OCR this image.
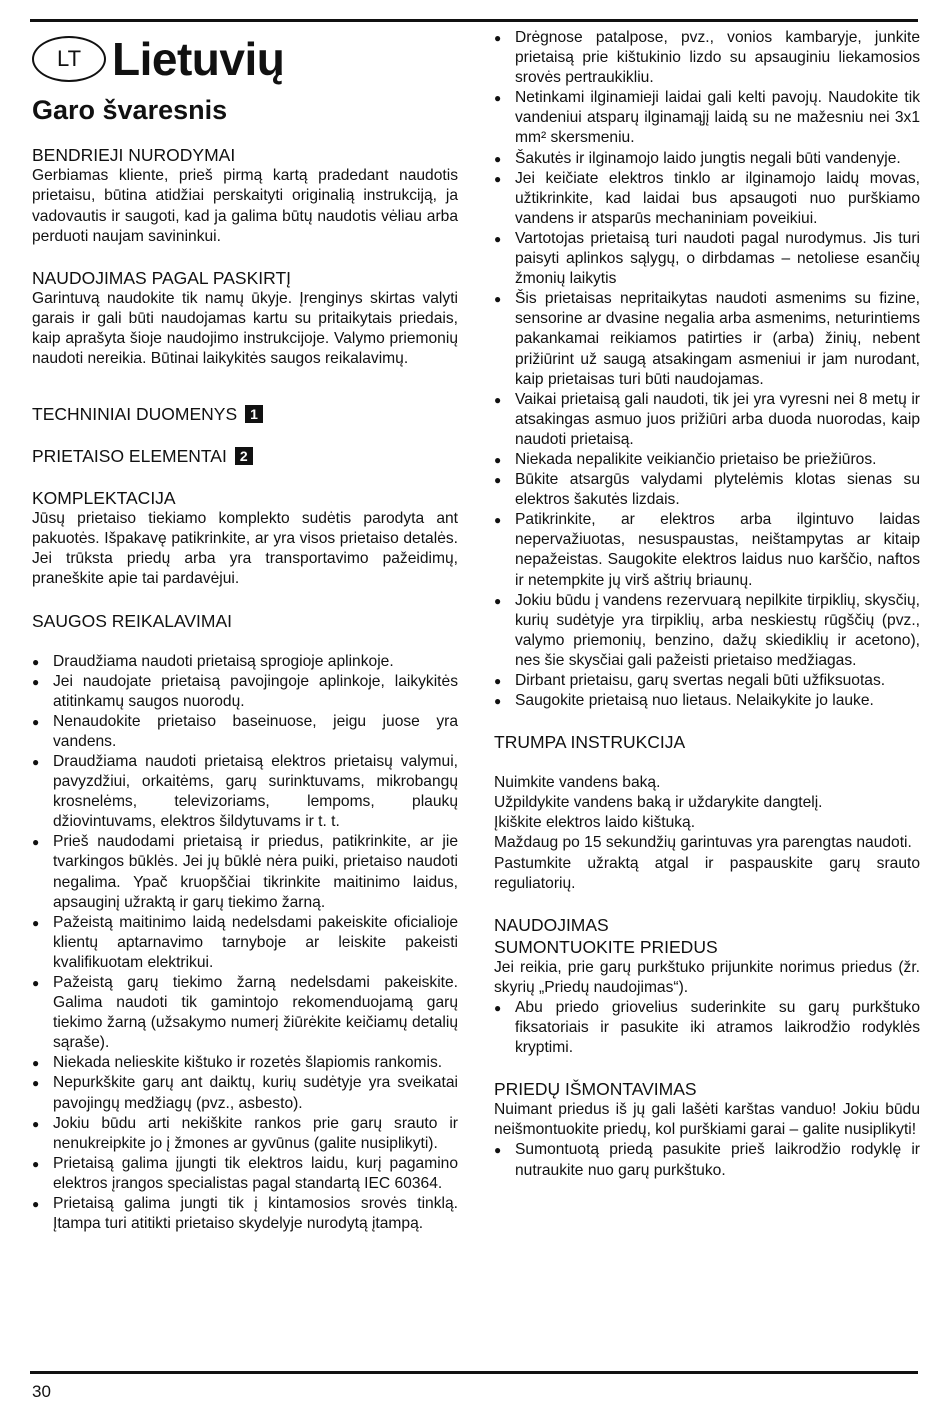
LT Lietuvių
Garo švaresnis
BENDRIEJI NURODYMAI

Gerbiamas kliente, prieš pirmą kartą pradedant naudotis prietaisu, būtina atidžiai perskaityti originalią instrukciją, ja vadovautis ir saugoti, kad ja galima būtų naudotis vėliau arba perduoti naujam savininkui.

NAUDOJIMAS PAGAL PASKIRTĮ

Garintuvą naudokite tik namų ūkyje. Įrenginys skirtas valyti garais ir gali būti naudojamas kartu su pritaikytais priedais, kaip aprašyta šioje naudojimo instrukcijoje. Valymo priemonių naudoti nereikia. Būtinai laikykitės saugos reikalavimų.

TECHNINIAI DUOMENYS 1
PRIETAISO ELEMENTAI 2
KOMPLEKTACIJA

Jūsų prietaiso tiekiamo komplekto sudėtis parodyta ant pakuotės. Išpakavę patikrinkite, ar yra visos prietaiso detalės. Jei trūksta priedų arba yra transportavimo pažeidimų, praneškite apie tai pardavėjui.

SAUGOS REIKALAVIMAI
● Draudžiama naudoti prietaisą sprogioje aplinkoje.
● Jei naudojate prietaisą pavojingoje aplinkoje, laikykitės atitinkamų saugos nuorodų.
● Nenaudokite prietaiso baseinuose, jeigu juose yra vandens.
● Draudžiama naudoti prietaisą elektros prietaisų valymui, pavyzdžiui, orkaitėms, garų surinktuvams, mikrobangų krosnelėms, televizoriams, lempoms, plaukų džiovintuvams, elektros šildytuvams ir t. t.
● Prieš naudodami prietaisą ir priedus, patikrinkite, ar jie tvarkingos būklės. Jei jų būklė nėra puiki, prietaiso naudoti negalima. Ypač kruopščiai tikrinkite maitinimo laidus, apsauginį užraktą ir garų tiekimo žarną.
● Pažeistą maitinimo laidą nedelsdami pakeiskite oficialioje klientų aptarnavimo tarnyboje ar leiskite pakeisti kvalifikuotam elektrikui.
● Pažeistą garų tiekimo žarną nedelsdami pakeiskite. Galima naudoti tik gamintojo rekomenduojamą garų tiekimo žarną (užsakymo numerį žiūrėkite keičiamų detalių sąraše).
● Niekada nelieskite kištuko ir rozetės šlapiomis rankomis.
● Nepurkškite garų ant daiktų, kurių sudėtyje yra sveikatai pavojingų medžiagų (pvz., asbesto).
● Jokiu būdu arti nekiškite rankos prie garų srauto ir nenukreipkite jo į žmones ar gyvūnus (galite nusiplikyti).
● Prietaisą galima įjungti tik elektros laidu, kurį pagamino elektros įrangos specialistas pagal standartą IEC 60364.
● Prietaisą galima jungti tik į kintamosios srovės tinklą. Įtampa turi atitikti prietaiso skydelyje nurodytą įtampą.
● Drėgnose patalpose, pvz., vonios kambaryje, junkite prietaisą prie kištukinio lizdo su apsauginiu liekamosios srovės pertraukikliu.
● Netinkami ilginamieji laidai gali kelti pavojų. Naudokite tik vandeniui atsparų ilginamąjį laidą su ne mažesniu nei 3x1 mm² skersmeniu.
● Šakutės ir ilginamojo laido jungtis negali būti vandenyje.
● Jei keičiate elektros tinklo ar ilginamojo laidų movas, užtikrinkite, kad laidai bus apsaugoti nuo purškiamo vandens ir atsparūs mechaniniam poveikiui.
● Vartotojas prietaisą turi naudoti pagal nurodymus. Jis turi paisyti aplinkos sąlygų, o dirbdamas – netoliese esančių žmonių laikytis
● Šis prietaisas nepritaikytas naudoti asmenims su fizine, sensorine ar dvasine negalia arba asmenims, neturintiems pakankamai reikiamos patirties ir (arba) žinių, nebent prižiūrint už saugą atsakingam asmeniui ir jam nurodant, kaip prietaisas turi būti naudojamas.
● Vaikai prietaisą gali naudoti, tik jei yra vyresni nei 8 metų ir atsakingas asmuo juos prižiūri arba duoda nuorodas, kaip naudoti prietaisą.
● Niekada nepalikite veikiančio prietaiso be priežiūros.
● Būkite atsargūs valydami plytelėmis klotas sienas su elektros šakutės lizdais.
● Patikrinkite, ar elektros arba ilgintuvo laidas nepervažiuotas, nesuspaustas, neištampytas ar kitaip nepažeistas. Saugokite elektros laidus nuo karščio, naftos ir netempkite jų virš aštrių briaunų.
● Jokiu būdu į vandens rezervuarą nepilkite tirpiklių, skysčių, kurių sudėtyje yra tirpiklių, arba neskiestų rūgščių (pvz., valymo priemonių, benzino, dažų skiediklių ir acetono), nes šie skysčiai gali pažeisti prietaiso medžiagas.
● Dirbant prietaisu, garų svertas negali būti užfiksuotas.
● Saugokite prietaisą nuo lietaus. Nelaikykite jo lauke.
TRUMPA INSTRUKCIJA

Nuimkite vandens baką.

Užpildykite vandens baką ir uždarykite dangtelį.

Įkiškite elektros laido kištuką.

Maždaug po 15 sekundžių garintuvas yra parengtas naudoti.

Pastumkite užraktą atgal ir paspauskite garų srauto reguliatorių.

NAUDOJIMAS
SUMONTUOKITE PRIEDUS

Jei reikia, prie garų purkštuko prijunkite norimus priedus (žr. skyrių „Priedų naudojimas“).

● Abu priedo griovelius suderinkite su garų purkštuko fiksatoriais ir pasukite iki atramos laikrodžio rodyklės kryptimi.
PRIEDŲ IŠMONTAVIMAS

Nuimant priedus iš jų gali lašėti karštas vanduo! Jokiu būdu neišmontuokite priedų, kol purškiami garai – galite nusiplikyti!

● Sumontuotą priedą pasukite prieš laikrodžio rodyklę ir nutraukite nuo garų purkštuko.
30
